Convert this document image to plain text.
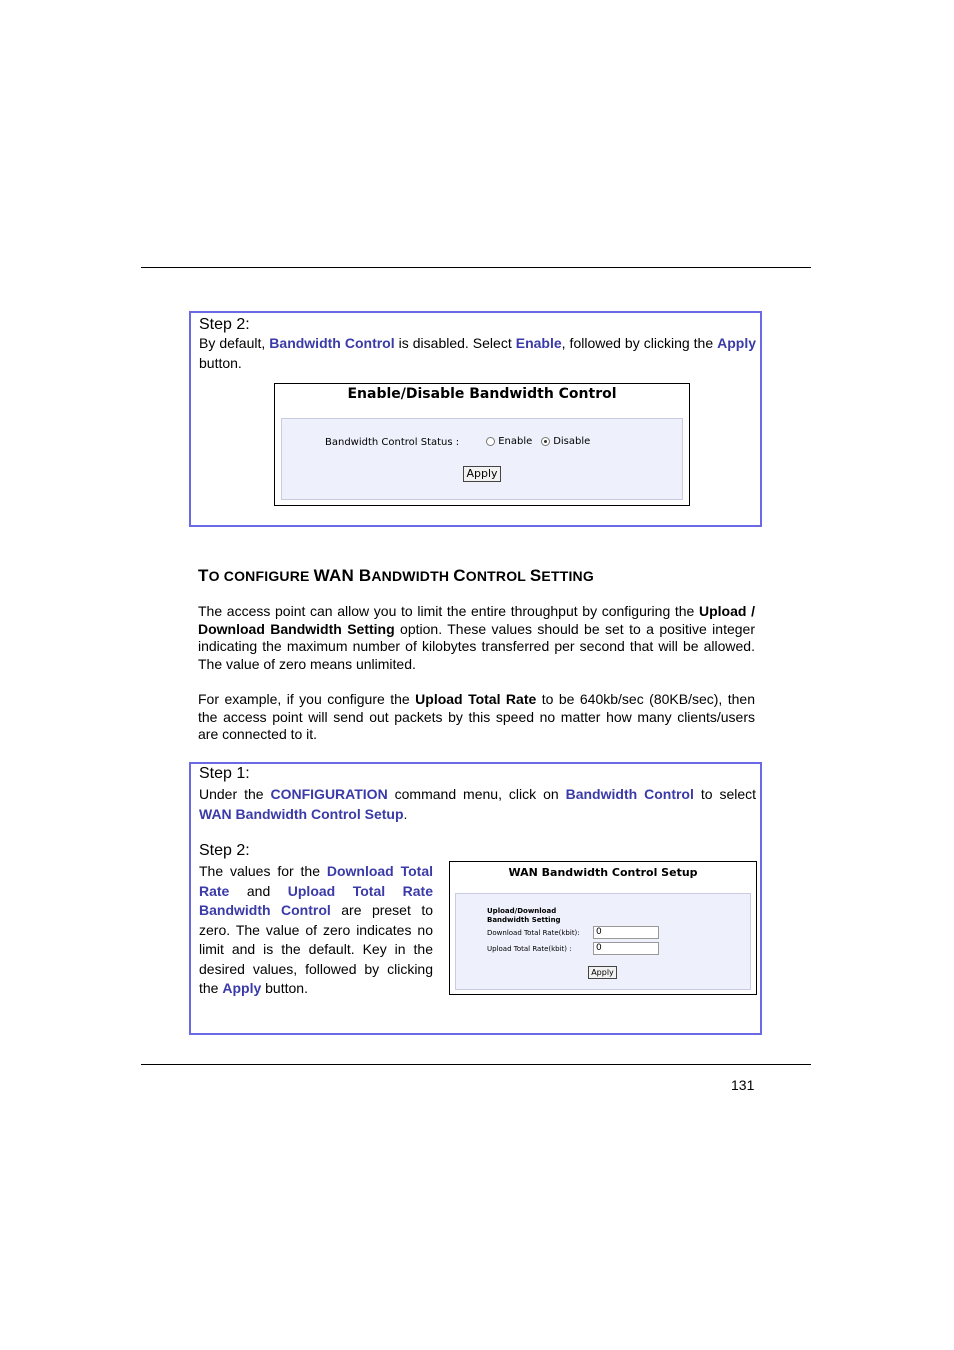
Step 2:
By default, Bandwidth Control is disabled. Select Enable, followed by clicking the Apply button.
Enable/Disable Bandwidth Control
Bandwidth Control Status :	Enable	Disable
Apply
TO CONFIGURE WAN BANDWIDTH CONTROL SETTING
The access point can allow you to limit the entire throughput by configuring the Upload / Download Bandwidth Setting option. These values should be set to a positive integer indicating the maximum number of kilobytes transferred per second that will be allowed. The value of zero means unlimited.
For example, if you configure the Upload Total Rate to be 640kb/sec (80KB/sec), then the access point will send out packets by this speed no matter how many clients/users are connected to it.
Step 1:
Under the CONFIGURATION command menu, click on Bandwidth Control to select WAN Bandwidth Control Setup.
Step 2:
The values for the Download Total Rate and Upload Total Rate Bandwidth Control are preset to zero. The value of zero indicates no limit and is the default. Key in the desired values, followed by clicking the Apply button.
WAN Bandwidth Control Setup
Upload/Download
Bandwidth Setting
Download Total Rate(kbit):	0
Upload Total Rate(kbit) :	0
Apply
131
